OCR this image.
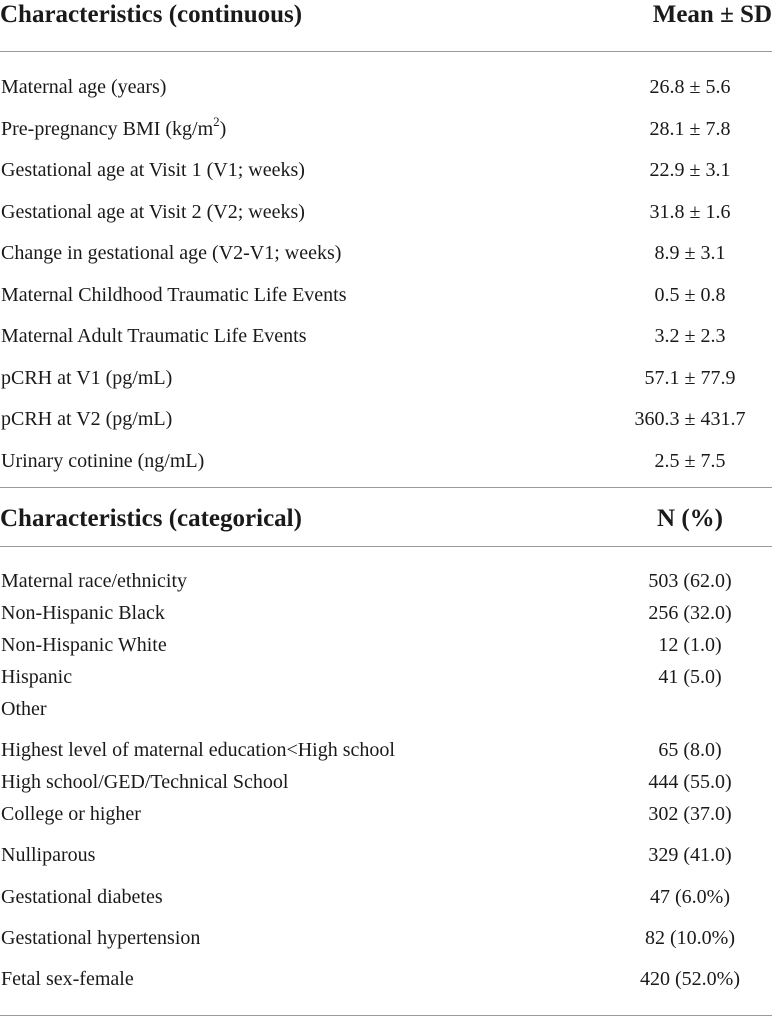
Characteristics (continuous)	Mean ± SD
Maternal age (years)	26.8 ± 5.6
Pre-pregnancy BMI $(kg/m^2)$	28.1 ± 7.8
Gestational age at Visit 1 (V1; weeks)	22.9 ± 3.1
Gestational age at Visit 2 (V2; weeks)	31.8 ± 1.6
Change in gestational age (V2-V1; weeks)	8.9 ± 3.1
Maternal Childhood Traumatic Life Events	0.5 ± 0.8
Maternal Adult Traumatic Life Events	3.2 ± 2.3
pCRH at V1 (pg/mL)	57.1 ± 77.9
pCRH at V2 (pg/mL)	360.3 ± 431.7
Urinary cotinine (ng/mL)	2.5 ± 7.5
Characteristics (categorical)	N (%)
Maternal race/ethnicity	503 (62.0)
Non-Hispanic Black	256 (32.0)
Non-Hispanic White	12 (1.0)
Hispanic	41 (5.0)
Other
Highest level of maternal education<High school	65 (8.0)
High school/GED/Technical School	444 (55.0)
College or higher	302 (37.0)
Nulliparous	329 (41.0)
Gestational diabetes	47 (6.0%)
Gestational hypertension	82 (10.0%)
Fetal sex-female	420 (52.0%)
